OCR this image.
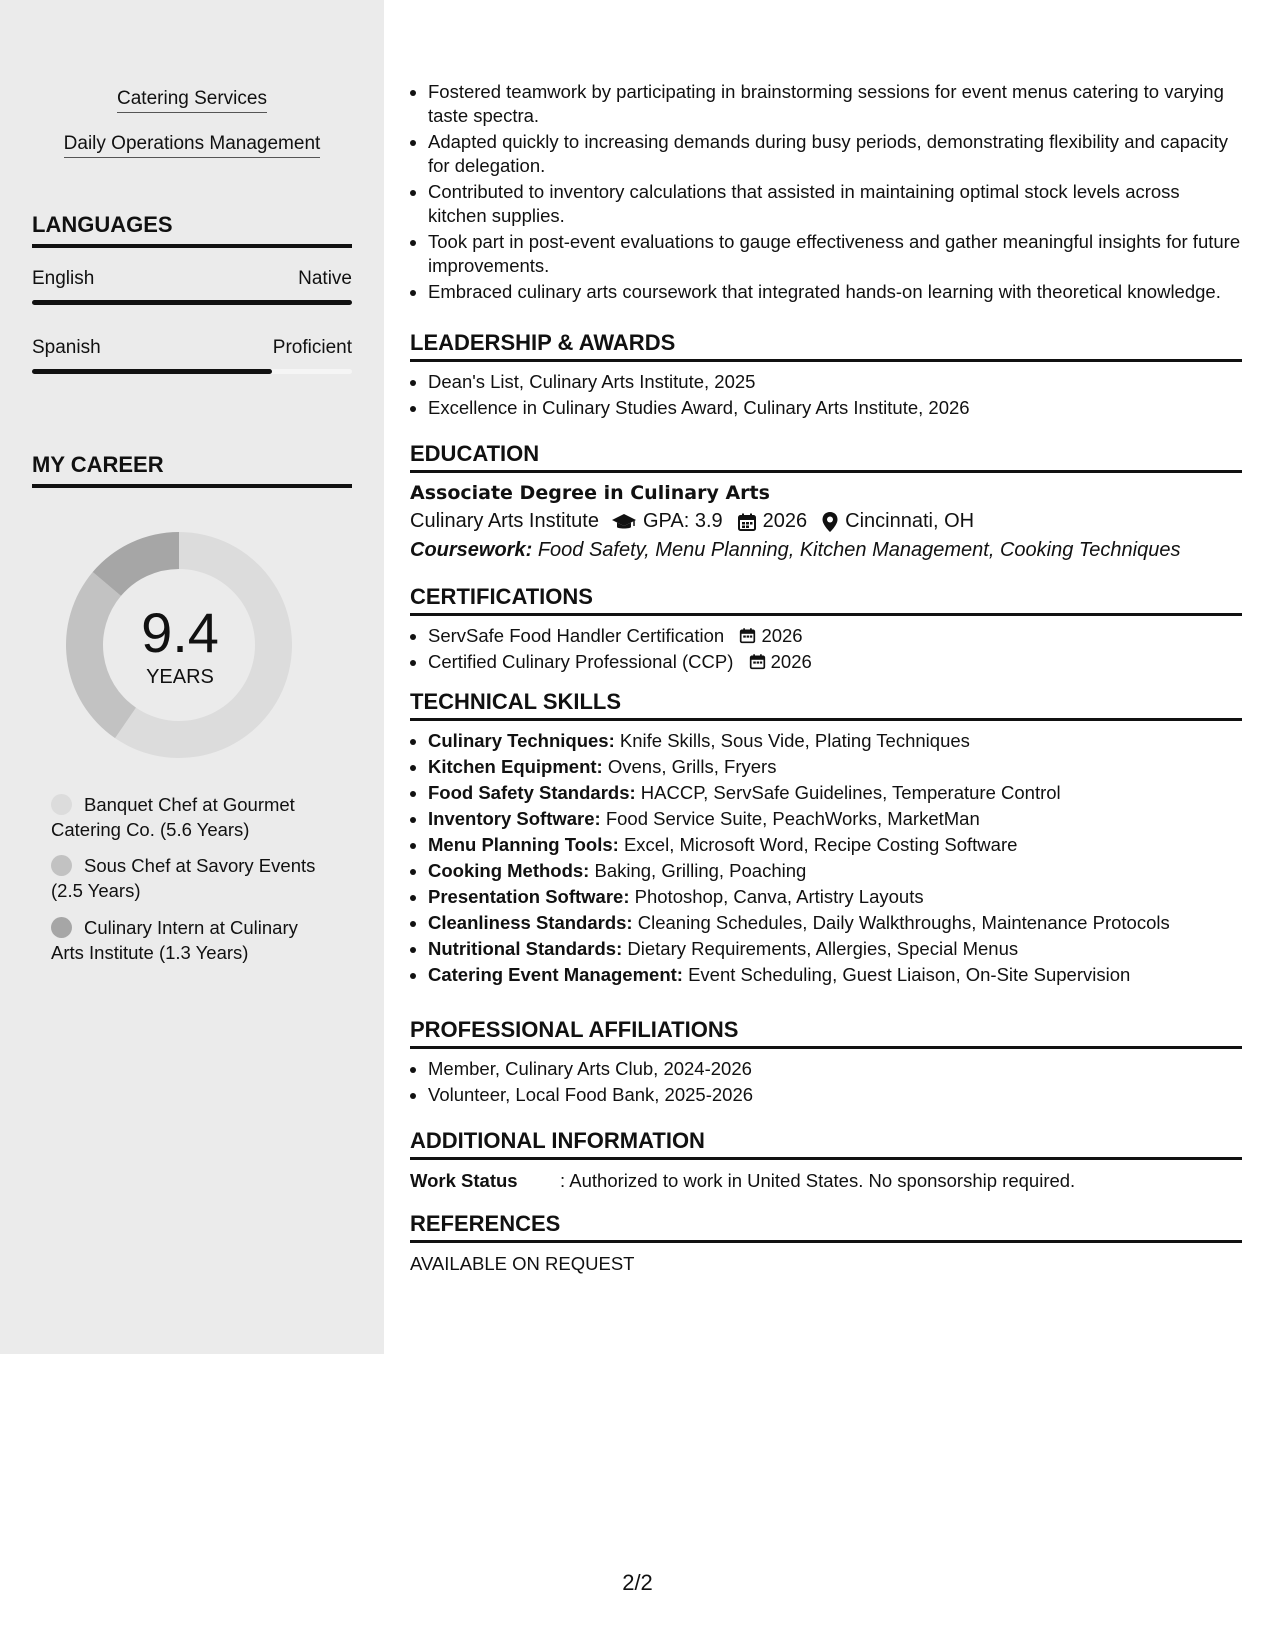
Catering Services
Daily Operations Management
LANGUAGES
English	Native
Spanish	Proficient
MY CAREER
9.4
YEARS
Banquet Chef at Gourmet Catering Co. (5.6 Years)
Sous Chef at Savory Events (2.5 Years)
Culinary Intern at Culinary Arts Institute (1.3 Years)
• Fostered teamwork by participating in brainstorming sessions for event menus catering to varying taste spectra.
• Adapted quickly to increasing demands during busy periods, demonstrating flexibility and capacity for delegation.
• Contributed to inventory calculations that assisted in maintaining optimal stock levels across kitchen supplies.
• Took part in post-event evaluations to gauge effectiveness and gather meaningful insights for future improvements.
• Embraced culinary arts coursework that integrated hands-on learning with theoretical knowledge.
LEADERSHIP & AWARDS
• Dean's List, Culinary Arts Institute, 2025
• Excellence in Culinary Studies Award, Culinary Arts Institute, 2026
EDUCATION
Associate Degree in Culinary Arts
Culinary Arts Institute GPA: 3.9 2026 Cincinnati, OH
Coursework: Food Safety, Menu Planning, Kitchen Management, Cooking Techniques
CERTIFICATIONS
• ServSafe Food Handler Certification 2026
• Certified Culinary Professional (CCP) 2026
TECHNICAL SKILLS
• Culinary Techniques: Knife Skills, Sous Vide, Plating Techniques
• Kitchen Equipment: Ovens, Grills, Fryers
• Food Safety Standards: HACCP, ServSafe Guidelines, Temperature Control
• Inventory Software: Food Service Suite, PeachWorks, MarketMan
• Menu Planning Tools: Excel, Microsoft Word, Recipe Costing Software
• Cooking Methods: Baking, Grilling, Poaching
• Presentation Software: Photoshop, Canva, Artistry Layouts
• Cleanliness Standards: Cleaning Schedules, Daily Walkthroughs, Maintenance Protocols
• Nutritional Standards: Dietary Requirements, Allergies, Special Menus
• Catering Event Management: Event Scheduling, Guest Liaison, On-Site Supervision
PROFESSIONAL AFFILIATIONS
• Member, Culinary Arts Club, 2024-2026
• Volunteer, Local Food Bank, 2025-2026
ADDITIONAL INFORMATION
Work Status	: Authorized to work in United States. No sponsorship required.
REFERENCES
AVAILABLE ON REQUEST
2/2
